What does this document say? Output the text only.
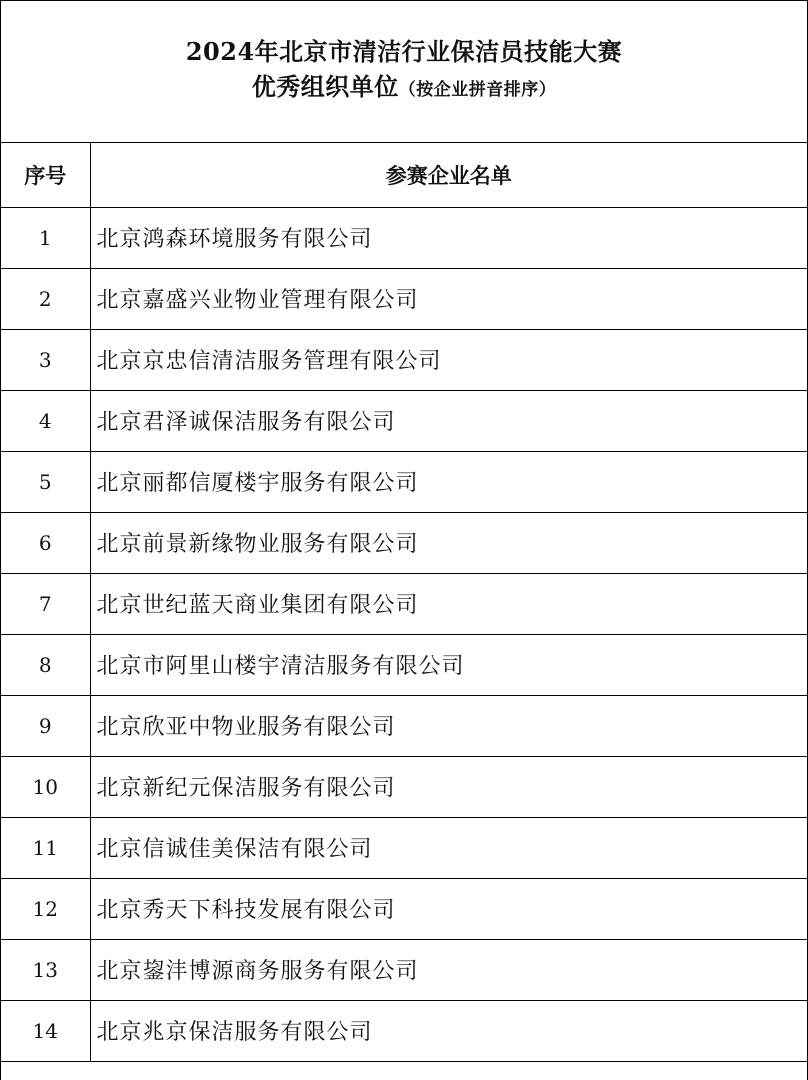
2024年北京市清洁行业保洁员技能大赛
优秀组织单位（按企业拼音排序）
序号	参赛企业名单
1	北京鸿森环境服务有限公司
2	北京嘉盛兴业物业管理有限公司
3	北京京忠信清洁服务管理有限公司
4	北京君泽诚保洁服务有限公司
5	北京丽都信厦楼宇服务有限公司
6	北京前景新缘物业服务有限公司
7	北京世纪蓝天商业集团有限公司
8	北京市阿里山楼宇清洁服务有限公司
9	北京欣亚中物业服务有限公司
10	北京新纪元保洁服务有限公司
11	北京信诚佳美保洁有限公司
12	北京秀天下科技发展有限公司
13	北京鋆沣博源商务服务有限公司
14	北京兆京保洁服务有限公司
